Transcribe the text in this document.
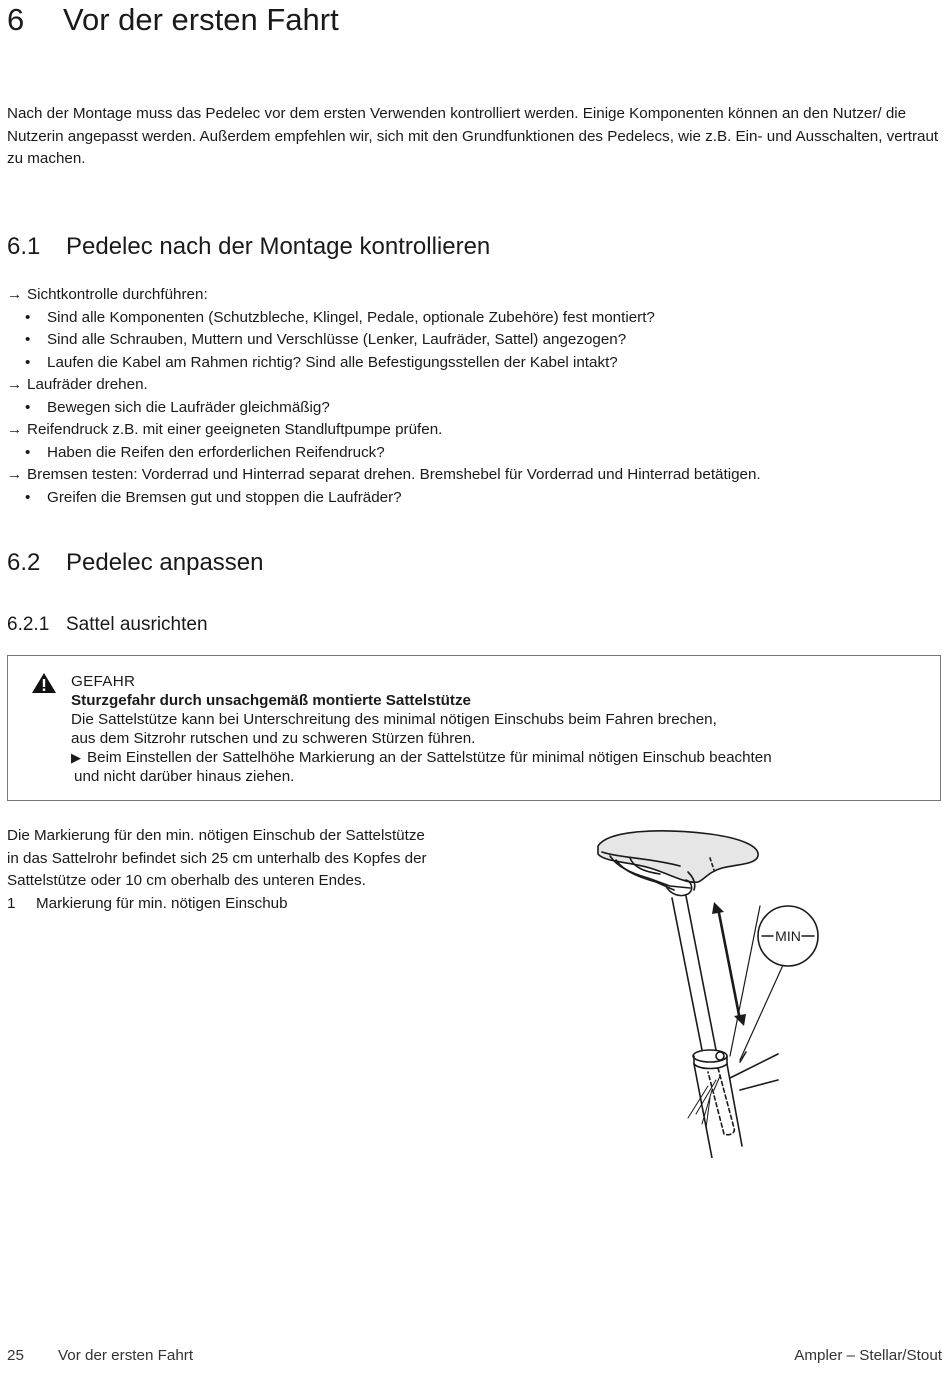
6 Vor der ersten Fahrt
Nach der Montage muss das Pedelec vor dem ersten Verwenden kontrolliert werden. Einige Komponenten können an den Nutzer/ die Nutzerin angepasst werden. Außerdem empfehlen wir, sich mit den Grundfunktionen des Pedelecs, wie z.B. Ein- und Ausschalten, vertraut zu machen.
6.1 Pedelec nach der Montage kontrollieren
→ Sichtkontrolle durchführen:
• Sind alle Komponenten (Schutzbleche, Klingel, Pedale, optionale Zubehöre) fest montiert?
• Sind alle Schrauben, Muttern und Verschlüsse (Lenker, Laufräder, Sattel) angezogen?
• Laufen die Kabel am Rahmen richtig? Sind alle Befestigungsstellen der Kabel intakt?
→ Laufräder drehen.
• Bewegen sich die Laufräder gleichmäßig?
→ Reifendruck z.B. mit einer geeigneten Standluftpumpe prüfen.
• Haben die Reifen den erforderlichen Reifendruck?
→ Bremsen testen: Vorderrad und Hinterrad separat drehen. Bremshebel für Vorderrad und Hinterrad betätigen.
• Greifen die Bremsen gut und stoppen die Laufräder?
6.2 Pedelec anpassen
6.2.1 Sattel ausrichten
GEFAHR
Sturzgefahr durch unsachgemäß montierte Sattelstütze
Die Sattelstütze kann bei Unterschreitung des minimal nötigen Einschubs beim Fahren brechen,
aus dem Sitzrohr rutschen und zu schweren Stürzen führen.
▶ Beim Einstellen der Sattelhöhe Markierung an der Sattelstütze für minimal nötigen Einschub beachten
und nicht darüber hinaus ziehen.
Die Markierung für den min. nötigen Einschub der Sattelstütze
in das Sattelrohr befindet sich 25 cm unterhalb des Kopfes der
Sattelstütze oder 10 cm oberhalb des unteren Endes.
1 Markierung für min. nötigen Einschub
MIN
25 Vor der ersten Fahrt	Ampler – Stellar/Stout
